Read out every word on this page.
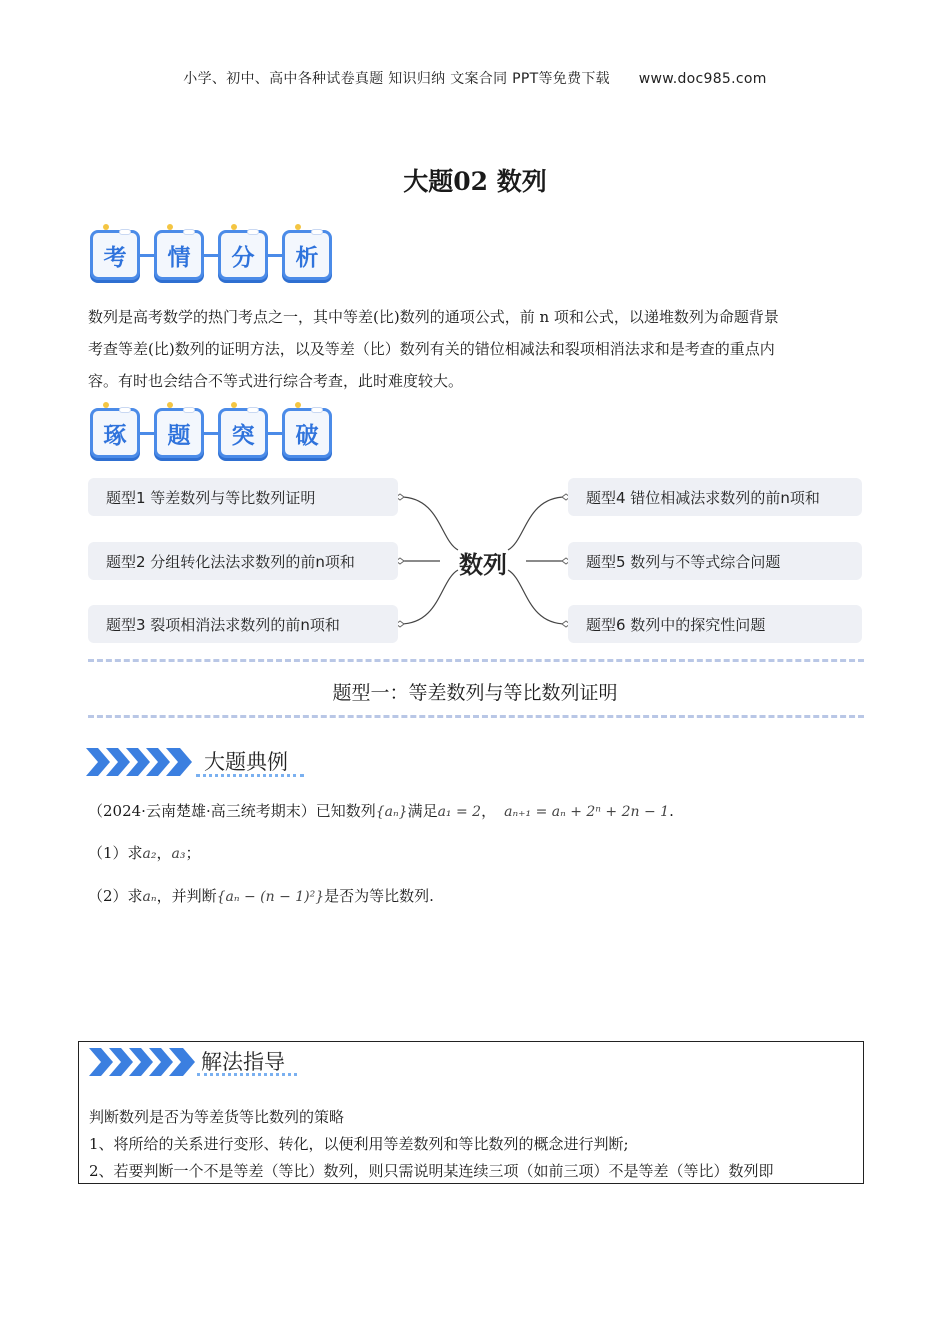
小学、初中、高中各种试卷真题 知识归纳 文案合同 PPT等免费下载 www.doc985.com
大题02 数列
考	情	分	析
数列是高考数学的热门考点之一，其中等差(比)数列的通项公式，前 n 项和公式，以递堆数列为命题背景
考查等差(比)数列的证明方法，以及等差（比）数列有关的错位相减法和裂项相消法求和是考查的重点内
容。有时也会结合不等式进行综合考查，此时难度较大。
琢	题	突	破
题型1 等差数列与等比数列证明
题型2 分组转化法法求数列的前n项和
题型3 裂项相消法求数列的前n项和
数列
题型4 错位相减法求数列的前n项和
题型5 数列与不等式综合问题
题型6 数列中的探究性问题
题型一：等差数列与等比数列证明
大题典例
（2024·云南楚雄·高三统考期末）已知数列{aₙ}满足a₁ = 2， aₙ₊₁ = aₙ + 2ⁿ + 2n − 1.
（1）求a₂，a₃；
（2）求aₙ，并判断{aₙ − (n − 1)²}是否为等比数列.
解法指导
判断数列是否为等差货等比数列的策略
1、将所给的关系进行变形、转化，以便利用等差数列和等比数列的概念进行判断;
2、若要判断一个不是等差（等比）数列，则只需说明某连续三项（如前三项）不是等差（等比）数列即
